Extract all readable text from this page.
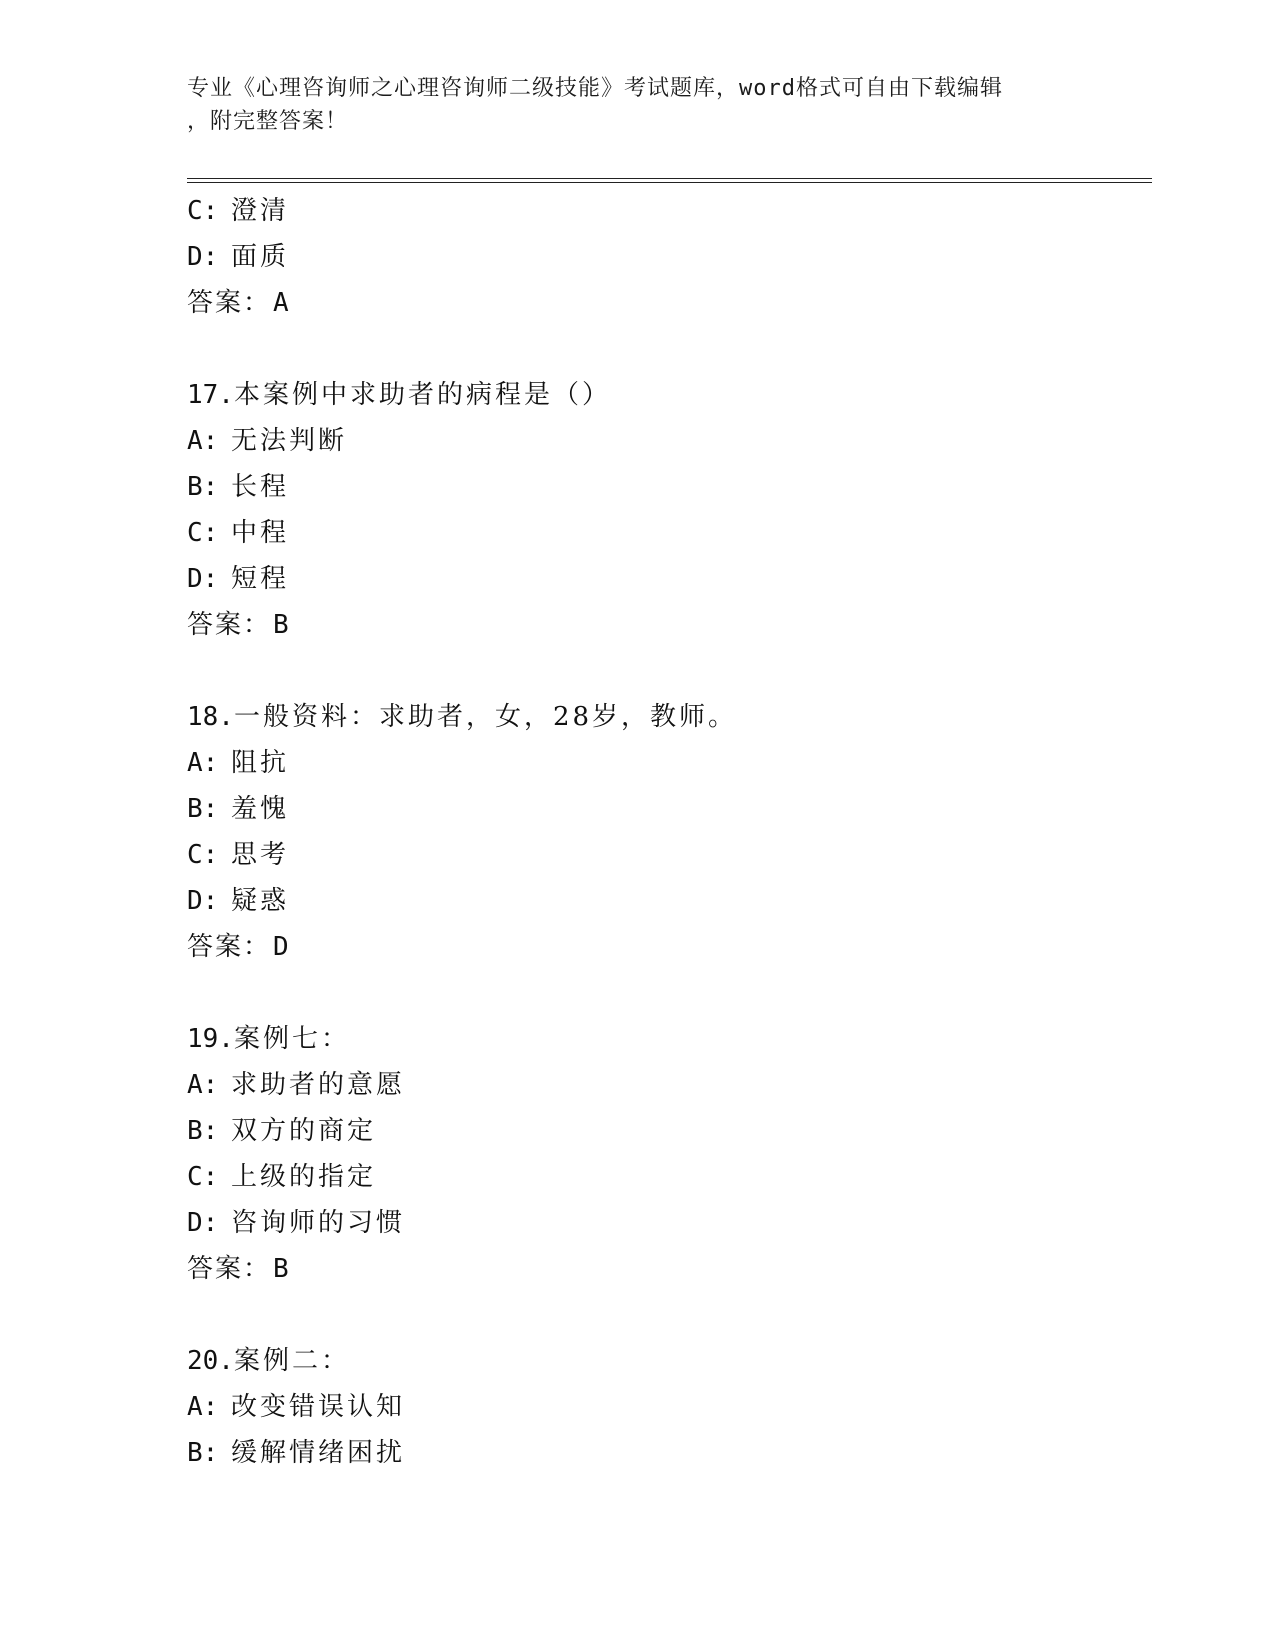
专业《心理咨询师之心理咨询师二级技能》考试题库，word格式可自由下载编辑
，附完整答案！
C: 澄清
D: 面质
答案：A
17.本案例中求助者的病程是（）
A: 无法判断
B: 长程
C: 中程
D: 短程
答案：B
18.一般资料：求助者，女，28岁，教师。
A: 阻抗
B: 羞愧
C: 思考
D: 疑惑
答案：D
19.案例七：
A: 求助者的意愿
B: 双方的商定
C: 上级的指定
D: 咨询师的习惯
答案：B
20.案例二：
A: 改变错误认知
B: 缓解情绪困扰
